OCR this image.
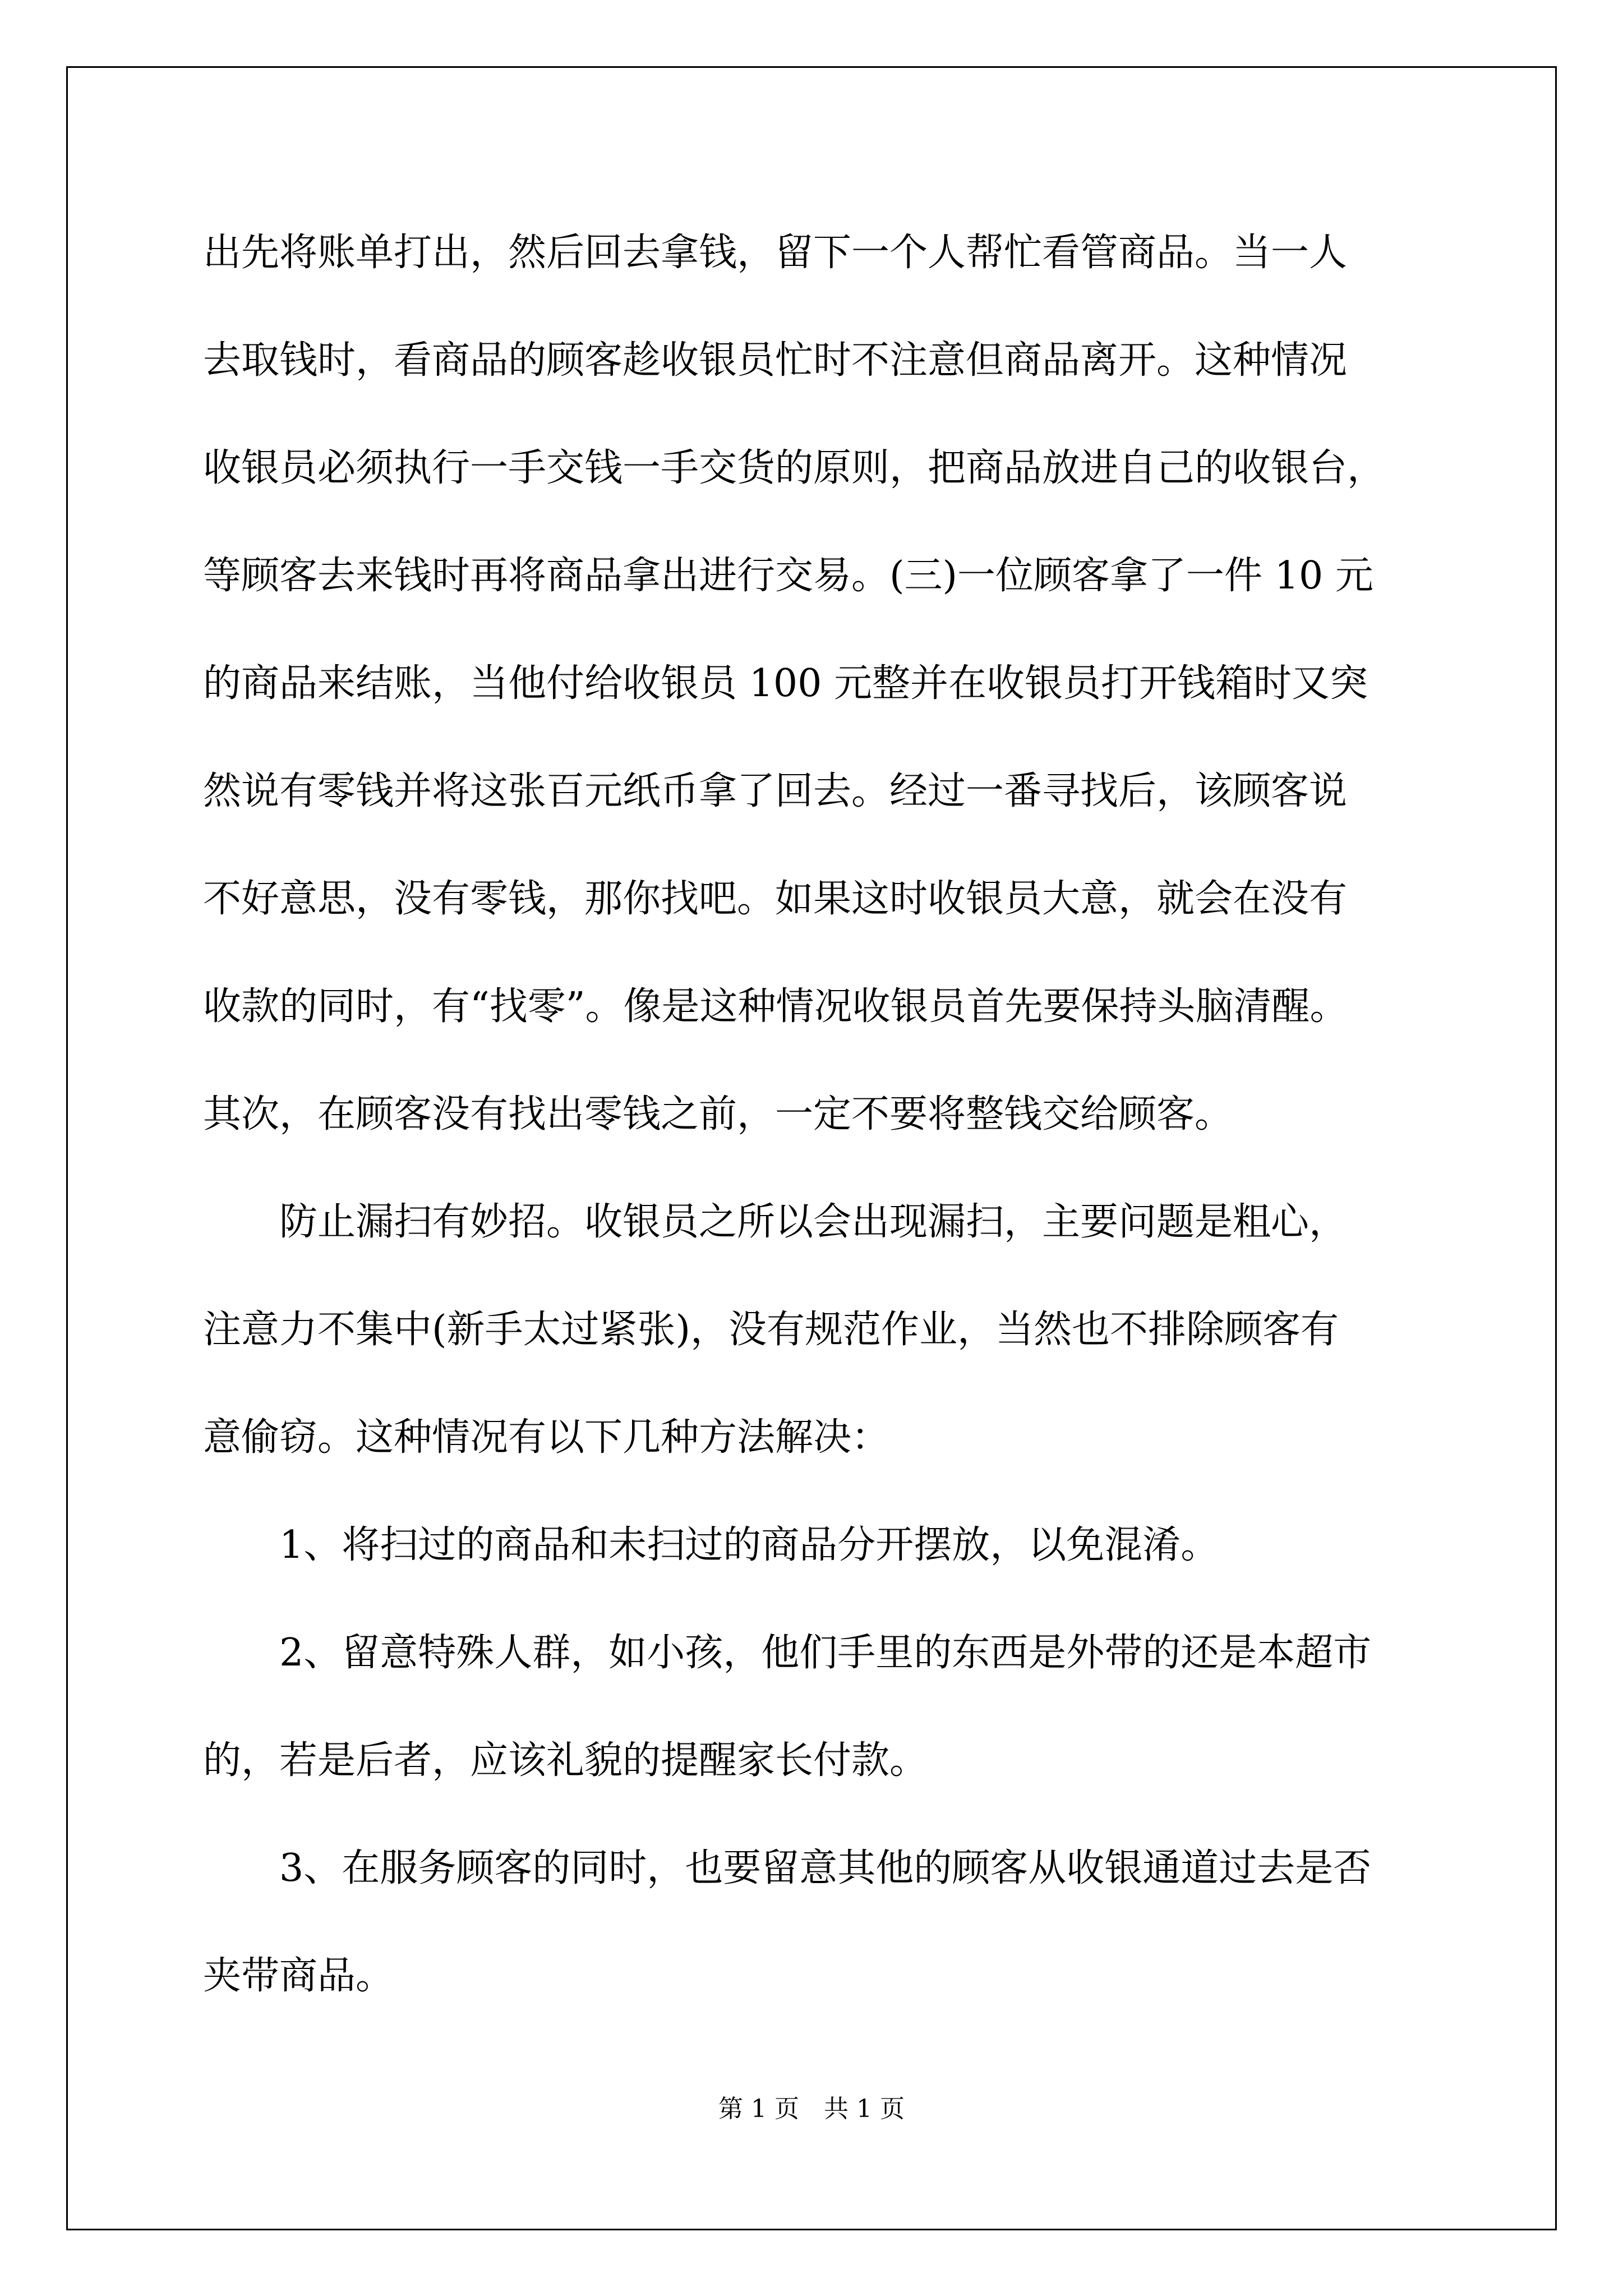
出先将账单打出，然后回去拿钱，留下一个人帮忙看管商品。当一人
去取钱时，看商品的顾客趁收银员忙时不注意但商品离开。这种情况
收银员必须执行一手交钱一手交货的原则，把商品放进自己的收银台，
等顾客去来钱时再将商品拿出进行交易。(三)一位顾客拿了一件 10 元
的商品来结账，当他付给收银员 100 元整并在收银员打开钱箱时又突
然说有零钱并将这张百元纸币拿了回去。经过一番寻找后，该顾客说
不好意思，没有零钱，那你找吧。如果这时收银员大意，就会在没有
收款的同时，有“找零”。像是这种情况收银员首先要保持头脑清醒。
其次，在顾客没有找出零钱之前，一定不要将整钱交给顾客。
　　防止漏扫有妙招。收银员之所以会出现漏扫，主要问题是粗心，
注意力不集中(新手太过紧张)，没有规范作业，当然也不排除顾客有
意偷窃。这种情况有以下几种方法解决：
　　1、将扫过的商品和未扫过的商品分开摆放，以免混淆。
　　2、留意特殊人群，如小孩，他们手里的东西是外带的还是本超市
的，若是后者，应该礼貌的提醒家长付款。
　　3、在服务顾客的同时，也要留意其他的顾客从收银通道过去是否
夹带商品。
第 1 页　共 1 页
